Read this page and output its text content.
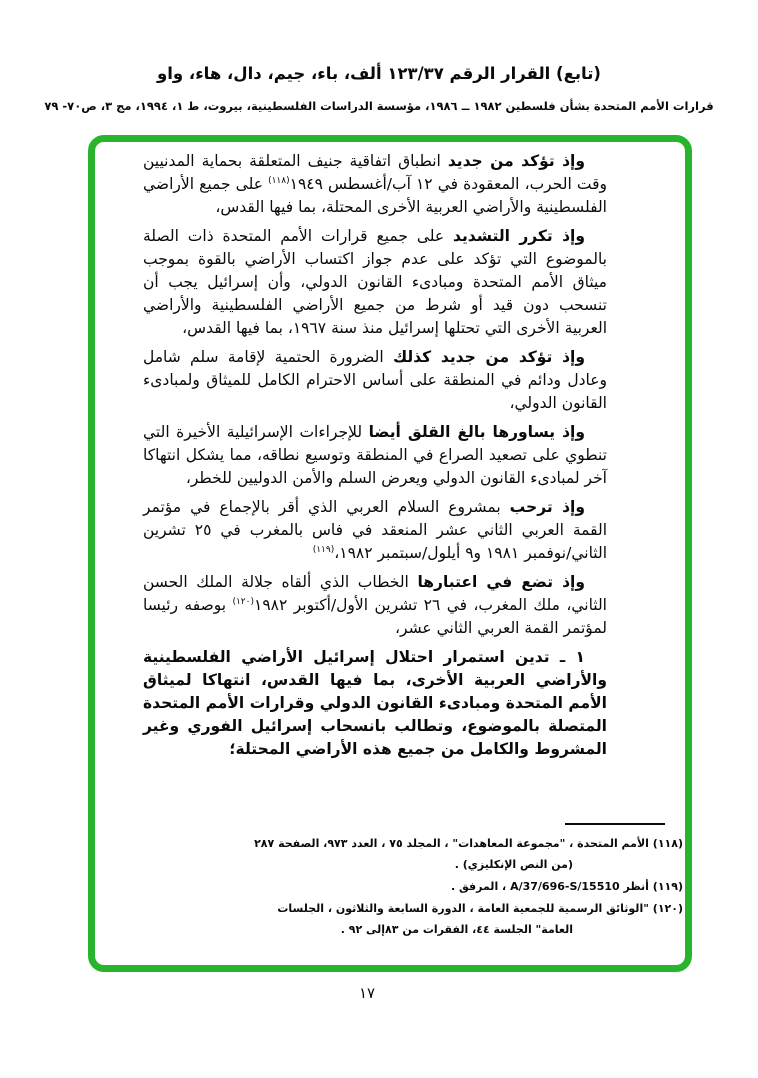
(تابع) القرار الرقم ١٢٣/٣٧ ألف، باء، جيم، دال، هاء، واو
قرارات الأمم المتحدة بشأن فلسطين ١٩٨٢ ــ ١٩٨٦، مؤسسة الدراسات الفلسطينية، بيروت، ط ١، ١٩٩٤، مج ٣، ص٧٠- ٧٩

وإذ تؤكد من جديد انطباق اتفاقية جنيف المتعلقة بحماية المدنيين وقت الحرب، المعقودة في ١٢ آب/أغسطس ١٩٤٩$^{(١١٨)}$ على جميع الأراضي الفلسطينية والأراضي العربية الأخرى المحتلة، بما فيها القدس،

وإذ تكرر التشديد على جميع قرارات الأمم المتحدة ذات الصلة بالموضوع التي تؤكد على عدم جواز اكتساب الأراضي بالقوة بموجب ميثاق الأمم المتحدة ومبادىء القانون الدولي، وأن إسرائيل يجب أن تنسحب دون قيد أو شرط من جميع الأراضي الفلسطينية والأراضي العربية الأخرى التي تحتلها إسرائيل منذ سنة ١٩٦٧، بما فيها القدس،

وإذ تؤكد من جديد كذلك الضرورة الحتمية لإقامة سلم شامل وعادل ودائم في المنطقة على أساس الاحترام الكامل للميثاق ولمبادىء القانون الدولي،

وإذ يساورها بالغ القلق أيضا للإجراءات الإسرائيلية الأخيرة التي تنطوي على تصعيد الصراع في المنطقة وتوسيع نطاقه، مما يشكل انتهاكا آخر لمبادىء القانون الدولي ويعرض السلم والأمن الدوليين للخطر،

وإذ ترحب بمشروع السلام العربي الذي أقر بالإجماع في مؤتمر القمة العربي الثاني عشر المنعقد في فاس بالمغرب في ٢٥ تشرين الثاني/نوفمبر ١٩٨١ و٩ أيلول/سبتمبر ١٩٨٢،$^{(١١٩)}$

وإذ تضع في اعتبارها الخطاب الذي ألقاه جلالة الملك الحسن الثاني، ملك المغرب، في ٢٦ تشرين الأول/أكتوبر ١٩٨٢$^{(١٢٠)}$ بوصفه رئيسا لمؤتمر القمة العربي الثاني عشر،

١ ـ تدين استمرار احتلال إسرائيل الأراضي الفلسطينية والأراضي العربية الأخرى، بما فيها القدس، انتهاكا لميثاق الأمم المتحدة ومبادىء القانون الدولي وقرارات الأمم المتحدة المتصلة بالموضوع، وتطالب بانسحاب إسرائيل الفوري وغير المشروط والكامل من جميع هذه الأراضي المحتلة؛

(١١٨) الأمم المتحدة ، "مجموعة المعاهدات" ، المجلد ٧٥ ، العدد ٩٧٣، الصفحة ٢٨٧ (من النص الإنكليزي) .

(١١٩) أنظر A/37/696-S/15510 ، المرفق .

(١٢٠) "الوثائق الرسمية للجمعية العامة ، الدورة السابعة والثلاثون ، الجلسات العامة" الجلسة ٤٤، الفقرات من ٨٣إلى ٩٢ .

١٧
